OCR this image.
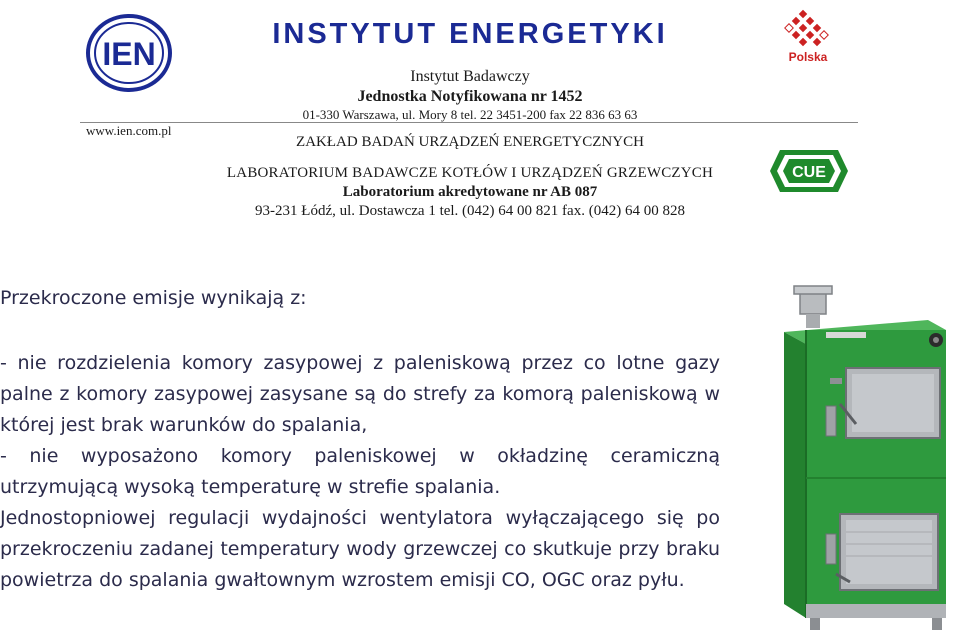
IEN
INSTYTUT ENERGETYKI
Instytut Badawczy
Jednostka Notyfikowana nr 1452
01-330 Warszawa, ul. Mory 8 tel. 22 3451-200 fax 22 836 63 63
www.ien.com.pl
ZAKŁAD BADAŃ URZĄDZEŃ ENERGETYCZNYCH
LABORATORIUM BADAWCZE KOTŁÓW I URZĄDZEŃ GRZEWCZYCH
Laboratorium akredytowane nr AB 087
93-231 Łódź, ul. Dostawcza 1 tel. (042) 64 00 821 fax. (042) 64 00 828
Polska
CUE

Przekroczone emisje wynikają z:

- nie rozdzielenia komory zasypowej z paleniskową przez co lotne gazy palne z komory zasypowej zasysane są do strefy za komorą paleniskową w której jest brak warunków do spalania,

- nie wyposażono komory paleniskowej w okładzinę ceramiczną utrzymującą wysoką temperaturę w strefie spalania.

Jednostopniowej regulacji wydajności wentylatora wyłączającego się po przekroczeniu zadanej temperatury wody grzewczej co skutkuje przy braku powietrza do spalania gwałtownym wzrostem emisji CO, OGC oraz pyłu.
